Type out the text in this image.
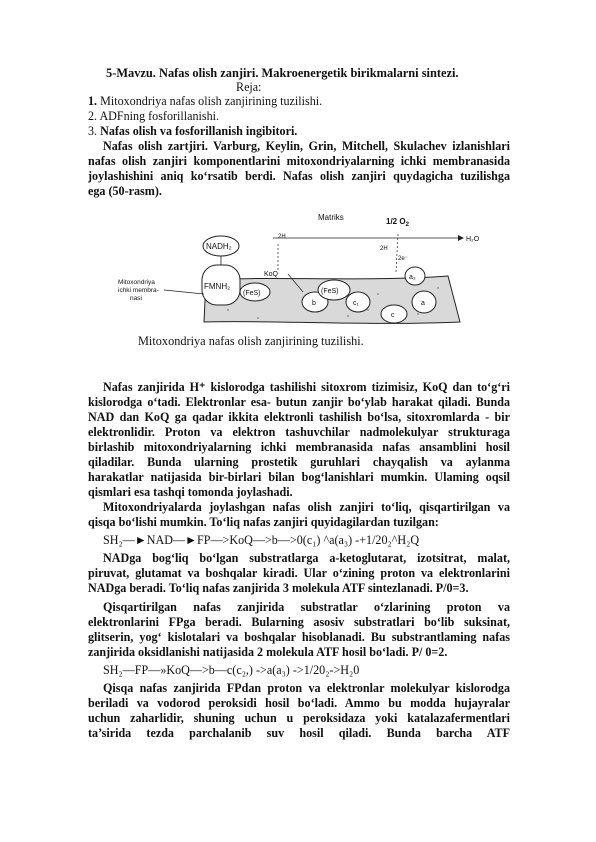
5-Mavzu. Nafas olish zanjiri. Makroenergetik birikmalarni sintezi.
Reja:
1. Mitoxondriya nafas olish zanjirining tuzilishi.
2. ADFning fosforillanishi.
3. Nafas olish va fosforillanish ingibitori.
Nafas olish zartjiri. Varburg, Keylin, Grin, Mitchell, Skulachev izlanishlari
nafas olish zanjiri komponentlarini mitoxondriyalarning ichki membranasida
joylashishini aniq ko‘rsatib berdi. Nafas olish zanjiri quydagicha tuzilishga
ega (50-rasm).
Matriks	1/2 $O_2$
H₂O
2H
2H
2e⁻
NADH₂
FMNH₂
(FeS)
KoQ
b
(FeS)
c₁
c
a₃
a
Mitoxondriya
ichki membra-
nasi
Mitoxondriya nafas olish zanjirining tuzilishi.
Nafas zanjirida H⁺ kislorodga tashilishi sitoxrom tizimisiz, KoQ dan to‘g‘ri
kislorodga o‘tadi. Elektronlar esa- butun zanjir bo‘ylab harakat qiladi. Bunda
NAD dan KoQ ga qadar ikkita elektronli tashilish bo‘lsa, sitoxromlarda - bir
elektronlidir. Proton va elektron tashuvchilar nadmolekulyar strukturaga
birlashib mitoxondriyalarning ichki membranasida nafas ansamblini hosil
qiladilar. Bunda ularning prostetik guruhlari chayqalish va aylanma
harakatlar natijasida bir-birlari bilan bog‘lanishlari mumkin. Ulaming oqsil
qismlari esa tashqi tomonda joylashadi.
Mitoxondriyalarda joylashgan nafas olish zanjiri to‘liq, qisqartirilgan va
qisqa bo‘lishi mumkin. To‘liq nafas zanjiri quyidagilardan tuzilgan:
SH₂—►NAD—►FP—>KoQ—>b—>0(c₁) ^a(a₃) -+1/20₂^H₂Q
NADga bog‘liq bo‘lgan substratlarga a-ketoglutarat, izotsitrat, malat,
piruvat, glutamat va boshqalar kiradi. Ular o‘zining proton va elektronlarini
NADga beradi. To‘liq nafas zanjirida 3 molekula ATF sintezlanadi. P/0=3.
Qisqartirilgan nafas zanjirida substratlar o‘zlarining proton va
elektronlarini FPga beradi. Bularning asosiv substratlari bo‘lib suksinat,
glitserin, yog‘ kislotalari va boshqalar hisoblanadi. Bu substrantlaming nafas
zanjirida oksidlanishi natijasida 2 molekula ATF hosil bo‘ladi. P/ 0=2.
SH₂—FP—»KoQ—>b—c(c₂,) ->a(a₃) ->1/20₂->H₂0
Qisqa nafas zanjirida FPdan proton va elektronlar molekulyar kislorodga
beriladi va vodorod peroksidi hosil bo‘ladi. Ammo bu modda hujayralar
uchun zaharlidir, shuning uchun u peroksidaza yoki katalazafermentlari
ta’sirida tezda parchalanib suv hosil qiladi. Bunda barcha ATF
